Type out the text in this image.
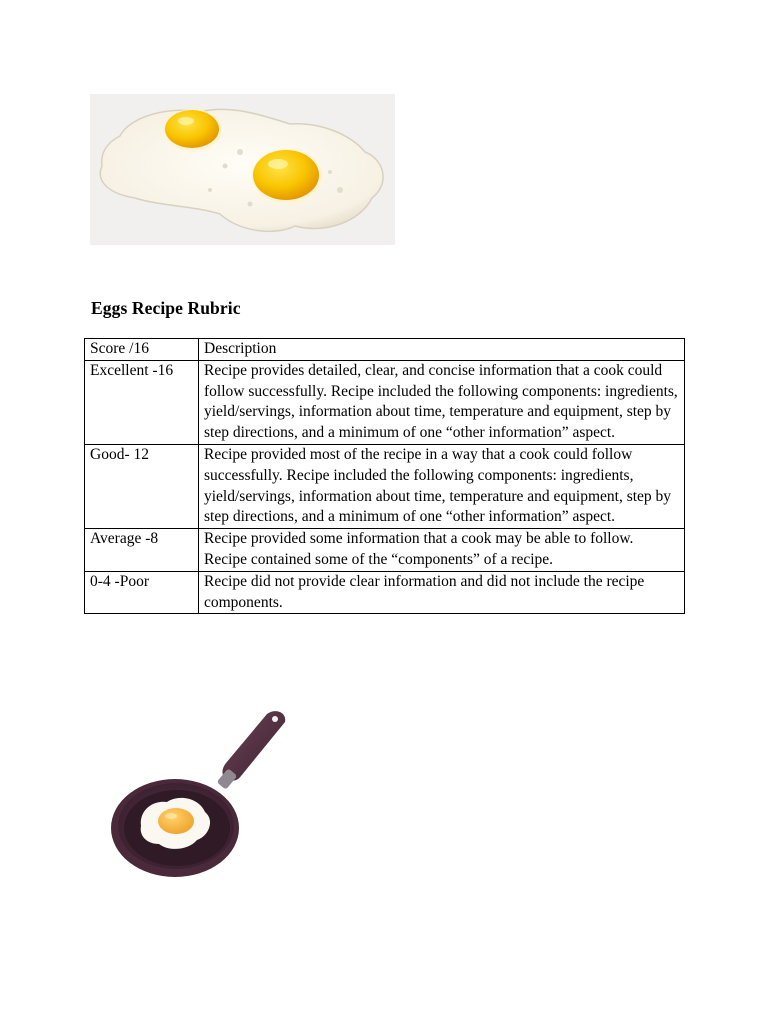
Eggs Recipe Rubric
Score /16	Description
Excellent -16	Recipe provides detailed, clear, and concise information that a cook could follow successfully. Recipe included the following components: ingredients, yield/servings, information about time, temperature and equipment, step by step directions, and a minimum of one “other information” aspect.
Good- 12	Recipe provided most of the recipe in a way that a cook could follow successfully. Recipe included the following components: ingredients, yield/servings, information about time, temperature and equipment, step by step directions, and a minimum of one “other information” aspect.
Average -8	Recipe provided some information that a cook may be able to follow. Recipe contained some of the “components” of a recipe.
0-4 -Poor	Recipe did not provide clear information and did not include the recipe components.
